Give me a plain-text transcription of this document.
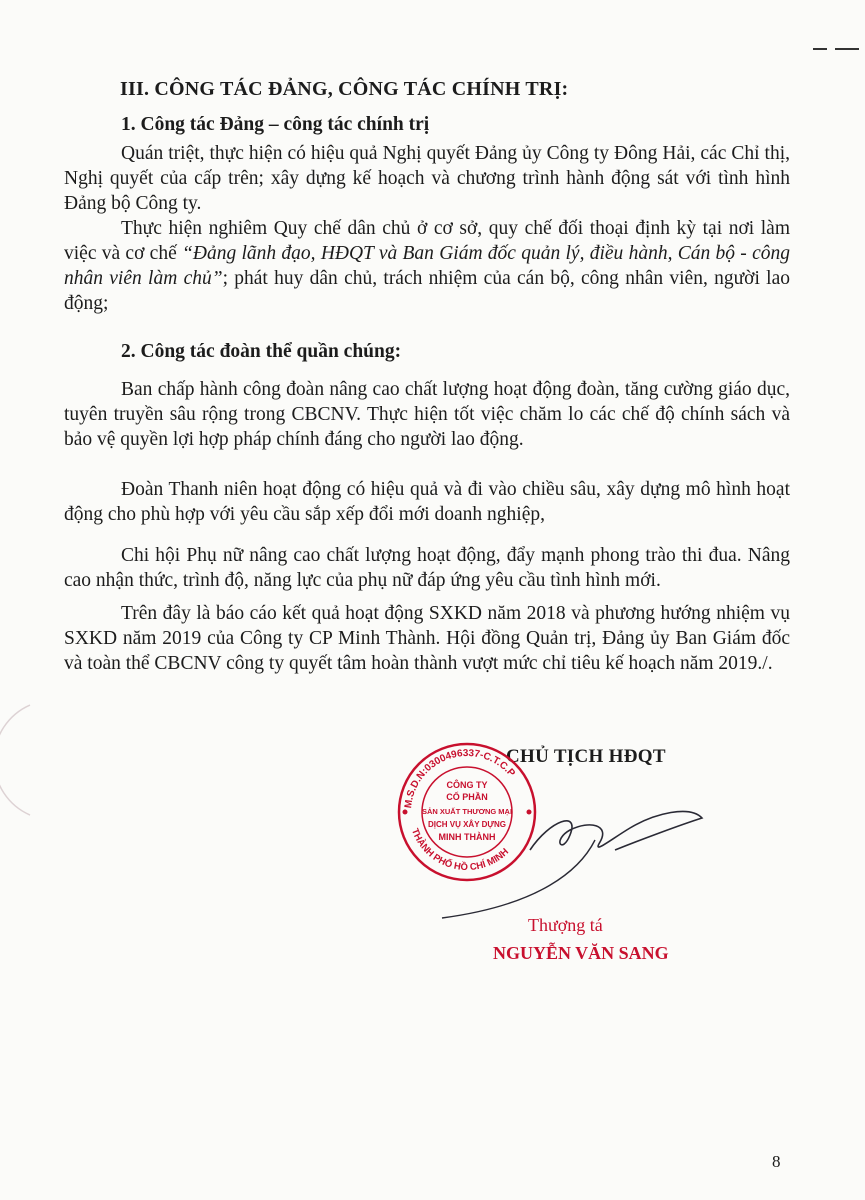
III. CÔNG TÁC ĐẢNG, CÔNG TÁC CHÍNH TRỊ:
1. Công tác Đảng – công tác chính trị
Quán triệt, thực hiện có hiệu quả Nghị quyết Đảng ủy Công ty Đông Hải, các Chỉ thị, Nghị quyết của cấp trên; xây dựng kế hoạch và chương trình hành động sát với tình hình Đảng bộ Công ty.
Thực hiện nghiêm Quy chế dân chủ ở cơ sở, quy chế đối thoại định kỳ tại nơi làm việc và cơ chế “Đảng lãnh đạo, HĐQT và Ban Giám đốc quản lý, điều hành, Cán bộ - công nhân viên làm chủ”; phát huy dân chủ, trách nhiệm của cán bộ, công nhân viên, người lao động;
2. Công tác đoàn thể quần chúng:
Ban chấp hành công đoàn nâng cao chất lượng hoạt động đoàn, tăng cường giáo dục, tuyên truyền sâu rộng trong CBCNV. Thực hiện tốt việc chăm lo các chế độ chính sách và bảo vệ quyền lợi hợp pháp chính đáng cho người lao động.
Đoàn Thanh niên hoạt động có hiệu quả và đi vào chiều sâu, xây dựng mô hình hoạt động cho phù hợp với yêu cầu sắp xếp đổi mới doanh nghiệp,
Chi hội Phụ nữ nâng cao chất lượng hoạt động, đẩy mạnh phong trào thi đua. Nâng cao nhận thức, trình độ, năng lực của phụ nữ đáp ứng yêu cầu tình hình mới.
Trên đây là báo cáo kết quả hoạt động SXKD năm 2018 và phương hướng nhiệm vụ SXKD năm 2019 của Công ty CP Minh Thành. Hội đồng Quản trị, Đảng ủy Ban Giám đốc và toàn thể CBCNV công ty quyết tâm hoàn thành vượt mức chỉ tiêu kế hoạch năm 2019./.
CHỦ TỊCH HĐQT
M.S.D.N:0300496337-C.T.C.P
THÀNH PHỐ HỒ CHÍ MINH
CÔNG TY
CỔ PHẦN
SẢN XUẤT THƯƠNG MẠI
DỊCH VỤ XÂY DỰNG
MINH THÀNH
Thượng tá
NGUYỄN VĂN SANG
8
